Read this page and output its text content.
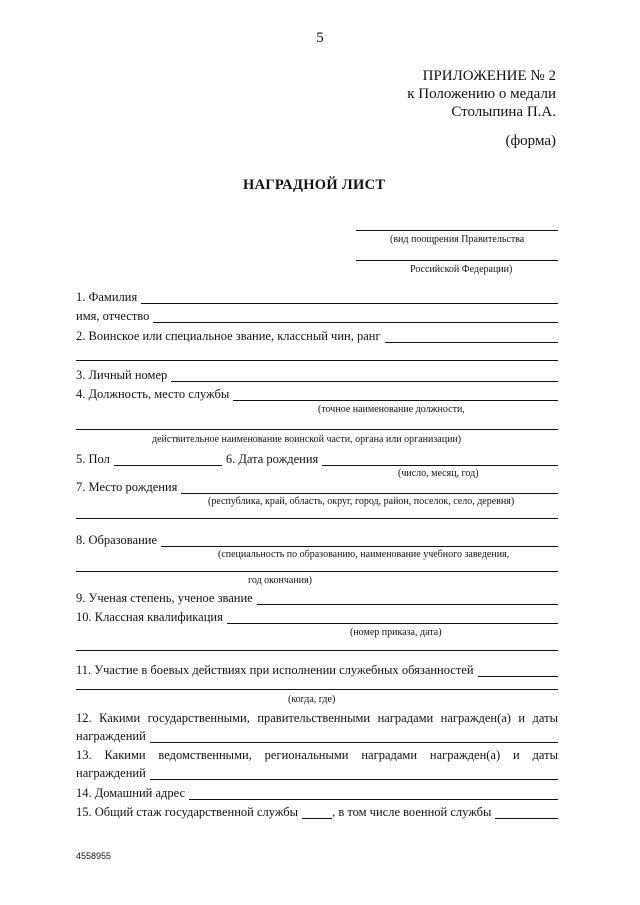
5
ПРИЛОЖЕНИЕ № 2
к Положению о медали
Столыпина П.А.
(форма)
НАГРАДНОЙ ЛИСТ
(вид поощрения Правительства
Российской Федерации)
1. Фамилия
имя, отчество
2. Воинское или специальное звание, классный чин, ранг
3. Личный номер
4. Должность, место службы
(точное наименование должности,
действительное наименование воинской части, органа или организации)
5. Пол	6. Дата рождения
(число, месяц, год)
7. Место рождения
(республика, край, область, округ, город, район, поселок, село, деревня)
8. Образование
(специальность по образованию, наименование учебного заведения,
год окончания)
9. Ученая степень, ученое звание
10. Классная квалификация
(номер приказа, дата)
11. Участие в боевых действиях при исполнении служебных обязанностей
(когда, где)
12. Какими государственными, правительственными наградами награжден(а) и даты
награждений
13. Какими ведомственными, региональными наградами награжден(а) и даты
награждений
14. Домашний адрес
15. Общий стаж государственной службы	, в том числе военной службы
4558955
